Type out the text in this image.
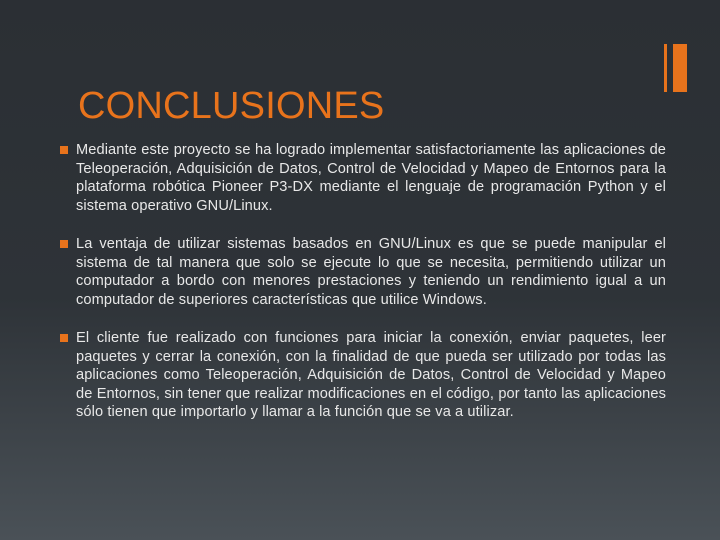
CONCLUSIONES
Mediante este proyecto se ha logrado implementar satisfactoriamente las aplicaciones de Teleoperación, Adquisición de Datos, Control de Velocidad y Mapeo de Entornos para la plataforma robótica Pioneer P3-DX mediante el lenguaje de programación Python y el sistema operativo GNU/Linux.
La ventaja de utilizar sistemas basados en GNU/Linux es que se puede manipular el sistema de tal manera que solo se ejecute lo que se necesita, permitiendo utilizar un computador a bordo con menores prestaciones y teniendo un rendimiento igual a un computador de superiores características que utilice Windows.
El cliente fue realizado con funciones para iniciar la conexión, enviar paquetes, leer paquetes y cerrar la conexión, con la finalidad de que pueda ser utilizado por todas las aplicaciones como Teleoperación, Adquisición de Datos, Control de Velocidad y Mapeo de Entornos, sin tener que realizar modificaciones en el código, por tanto las aplicaciones sólo tienen que importarlo y llamar a la función que se va a utilizar.
